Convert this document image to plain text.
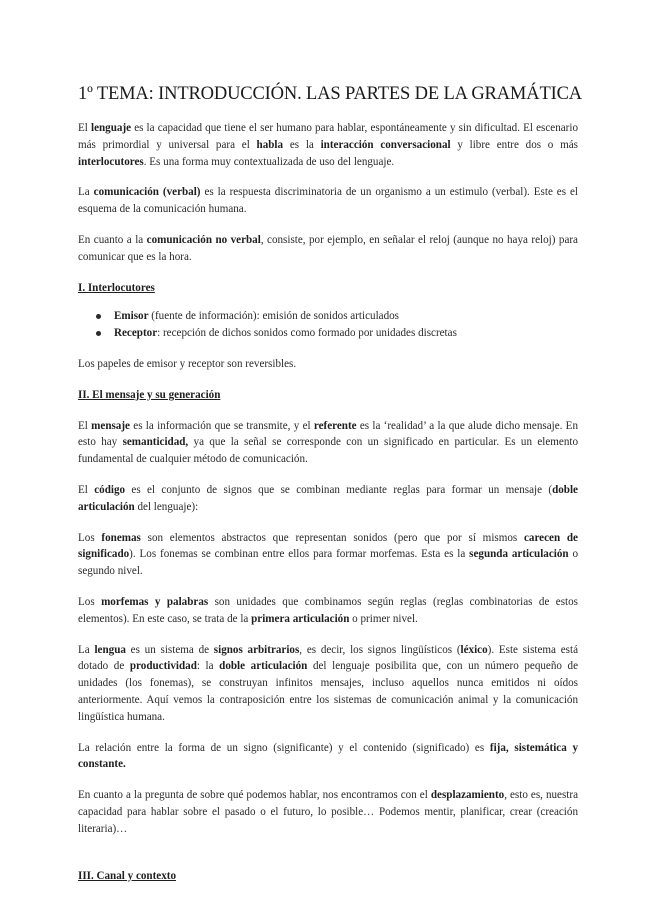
1º TEMA: INTRODUCCIÓN. LAS PARTES DE LA GRAMÁTICA

El lenguaje es la capacidad que tiene el ser humano para hablar, espontáneamente y sin dificultad. El escenario más primordial y universal para el habla es la interacción conversacional y libre entre dos o más interlocutores. Es una forma muy contextualizada de uso del lenguaje.

La comunicación (verbal) es la respuesta discriminatoria de un organismo a un estimulo (verbal). Este es el esquema de la comunicación humana.

En cuanto a la comunicación no verbal, consiste, por ejemplo, en señalar el reloj (aunque no haya reloj) para comunicar que es la hora.

I. Interlocutores
Emisor (fuente de información): emisión de sonidos articulados
Receptor: recepción de dichos sonidos como formado por unidades discretas

Los papeles de emisor y receptor son reversibles.

II. El mensaje y su generación

El mensaje es la información que se transmite, y el referente es la ‘realidad’ a la que alude dicho mensaje. En esto hay semanticidad, ya que la señal se corresponde con un significado en particular. Es un elemento fundamental de cualquier método de comunicación.

El código es el conjunto de signos que se combinan mediante reglas para formar un mensaje (doble articulación del lenguaje):

Los fonemas son elementos abstractos que representan sonidos (pero que por sí mismos carecen de significado). Los fonemas se combinan entre ellos para formar morfemas. Esta es la segunda articulación o segundo nivel.

Los morfemas y palabras son unidades que combinamos según reglas (reglas combinatorias de estos elementos). En este caso, se trata de la primera articulación o primer nivel.

La lengua es un sistema de signos arbitrarios, es decir, los signos lingüísticos (léxico). Este sistema está dotado de productividad: la doble articulación del lenguaje posibilita que, con un número pequeño de unidades (los fonemas), se construyan infinitos mensajes, incluso aquellos nunca emitidos ni oídos anteriormente. Aquí vemos la contraposición entre los sistemas de comunicación animal y la comunicación lingüística humana.

La relación entre la forma de un signo (significante) y el contenido (significado) es fija, sistemática y constante.

En cuanto a la pregunta de sobre qué podemos hablar, nos encontramos con el desplazamiento, esto es, nuestra capacidad para hablar sobre el pasado o el futuro, lo posible… Podemos mentir, planificar, crear (creación literaria)…

III. Canal y contexto
